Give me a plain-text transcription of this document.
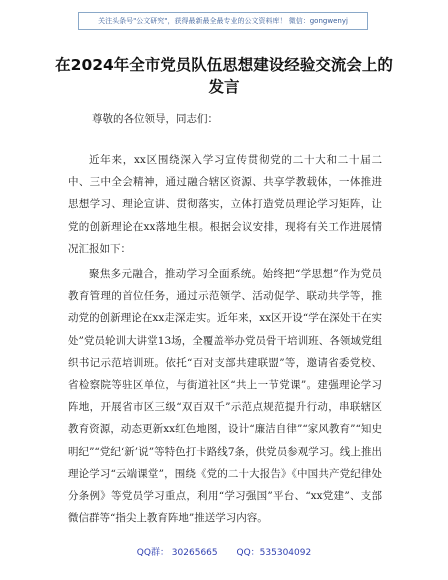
关注头条号"公文研究"，获得最新最全最专业的公文资料库！ 微信：gongwenyj
在2024年全市党员队伍思想建设经验交流会上的发言

尊敬的各位领导，同志们：

近年来，xx区围绕深入学习宣传贯彻党的二十大和二十届二中、三中全会精神，通过融合辖区资源、共享学教载体，一体推进思想学习、理论宣讲、贯彻落实，立体打造党员理论学习矩阵，让党的创新理论在xx落地生根。根据会议安排，现将有关工作进展情况汇报如下：

聚焦多元融合，推动学习全面系统。始终把“学思想”作为党员教育管理的首位任务，通过示范领学、活动促学、联动共学等，推动党的创新理论在xx走深走实。近年来，xx区开设“学在深处干在实处”党员轮训大讲堂13场，全覆盖举办党员骨干培训班、各领域党组织书记示范培训班。依托“百对支部共建联盟”等，邀请省委党校、省检察院等驻区单位，与街道社区“共上一节党课”。建强理论学习阵地，开展省市区三级“双百双千”示范点规范提升行动，串联辖区教育资源，动态更新xx红色地图，设计“廉洁自律”“家风教育”“知史明纪”“党纪‘新’说”等特色打卡路线7条，供党员参观学习。线上推出理论学习“云端课堂”，围绕《党的二十大报告》《中国共产党纪律处分条例》等党员学习重点，利用“学习强国”平台、“xx党建”、支部微信群等“指尖上教育阵地”推送学习内容。

QQ群： 30265665 QQ：535304092
